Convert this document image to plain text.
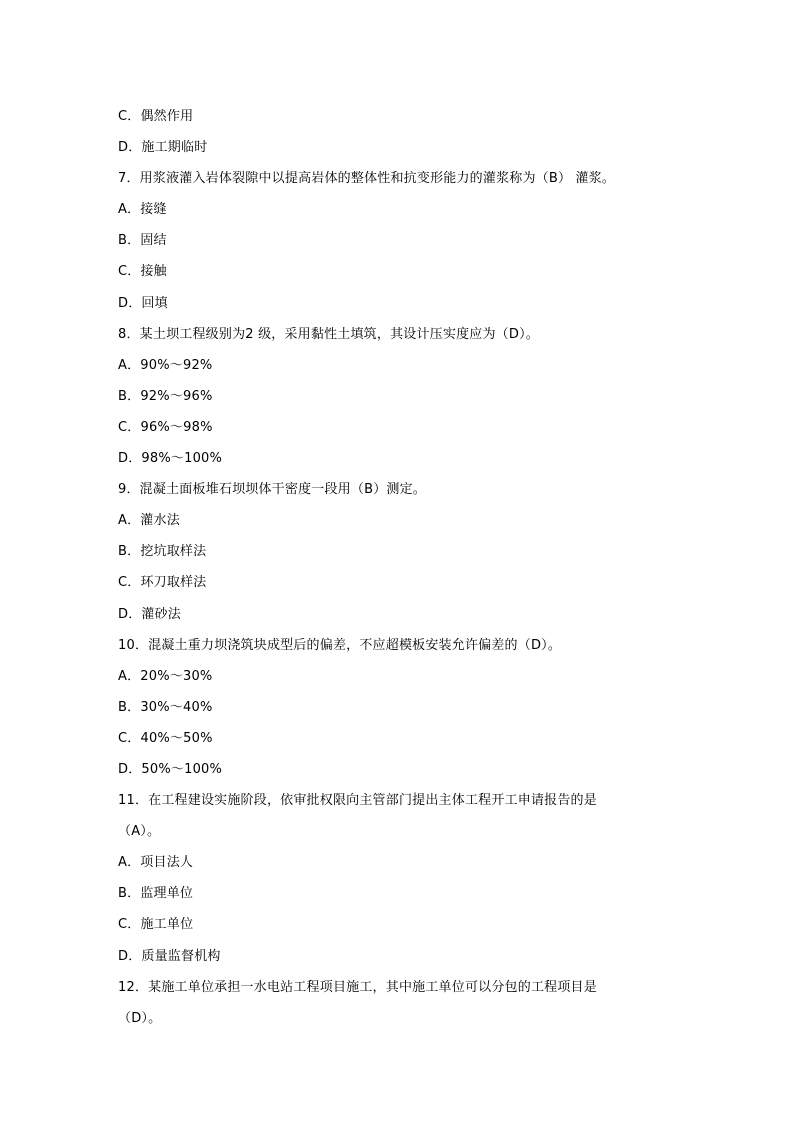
C．偶然作用
D．施工期临时
7．用浆液灌入岩体裂隙中以提高岩体的整体性和抗变形能力的灌浆称为（B） 灌浆。
A．接缝
B．固结
C．接触
D．回填
8．某土坝工程级别为2 级，采用黏性土填筑，其设计压实度应为（D）。
A．90%～92%
B．92%～96%
C．96%～98%
D．98%～100%
9．混凝土面板堆石坝坝体干密度一段用（B）测定。
A．灌水法
B．挖坑取样法
C．环刀取样法
D．灌砂法
10．混凝土重力坝浇筑块成型后的偏差，不应超模板安装允许偏差的（D）。
A．20%～30%
B．30%～40%
C．40%～50%
D．50%～100%
11．在工程建设实施阶段，依审批权限向主管部门提出主体工程开工申请报告的是
（A）。
A．项目法人
B．监理单位
C．施工单位
D．质量监督机构
12．某施工单位承担一水电站工程项目施工，其中施工单位可以分包的工程项目是
（D）。
